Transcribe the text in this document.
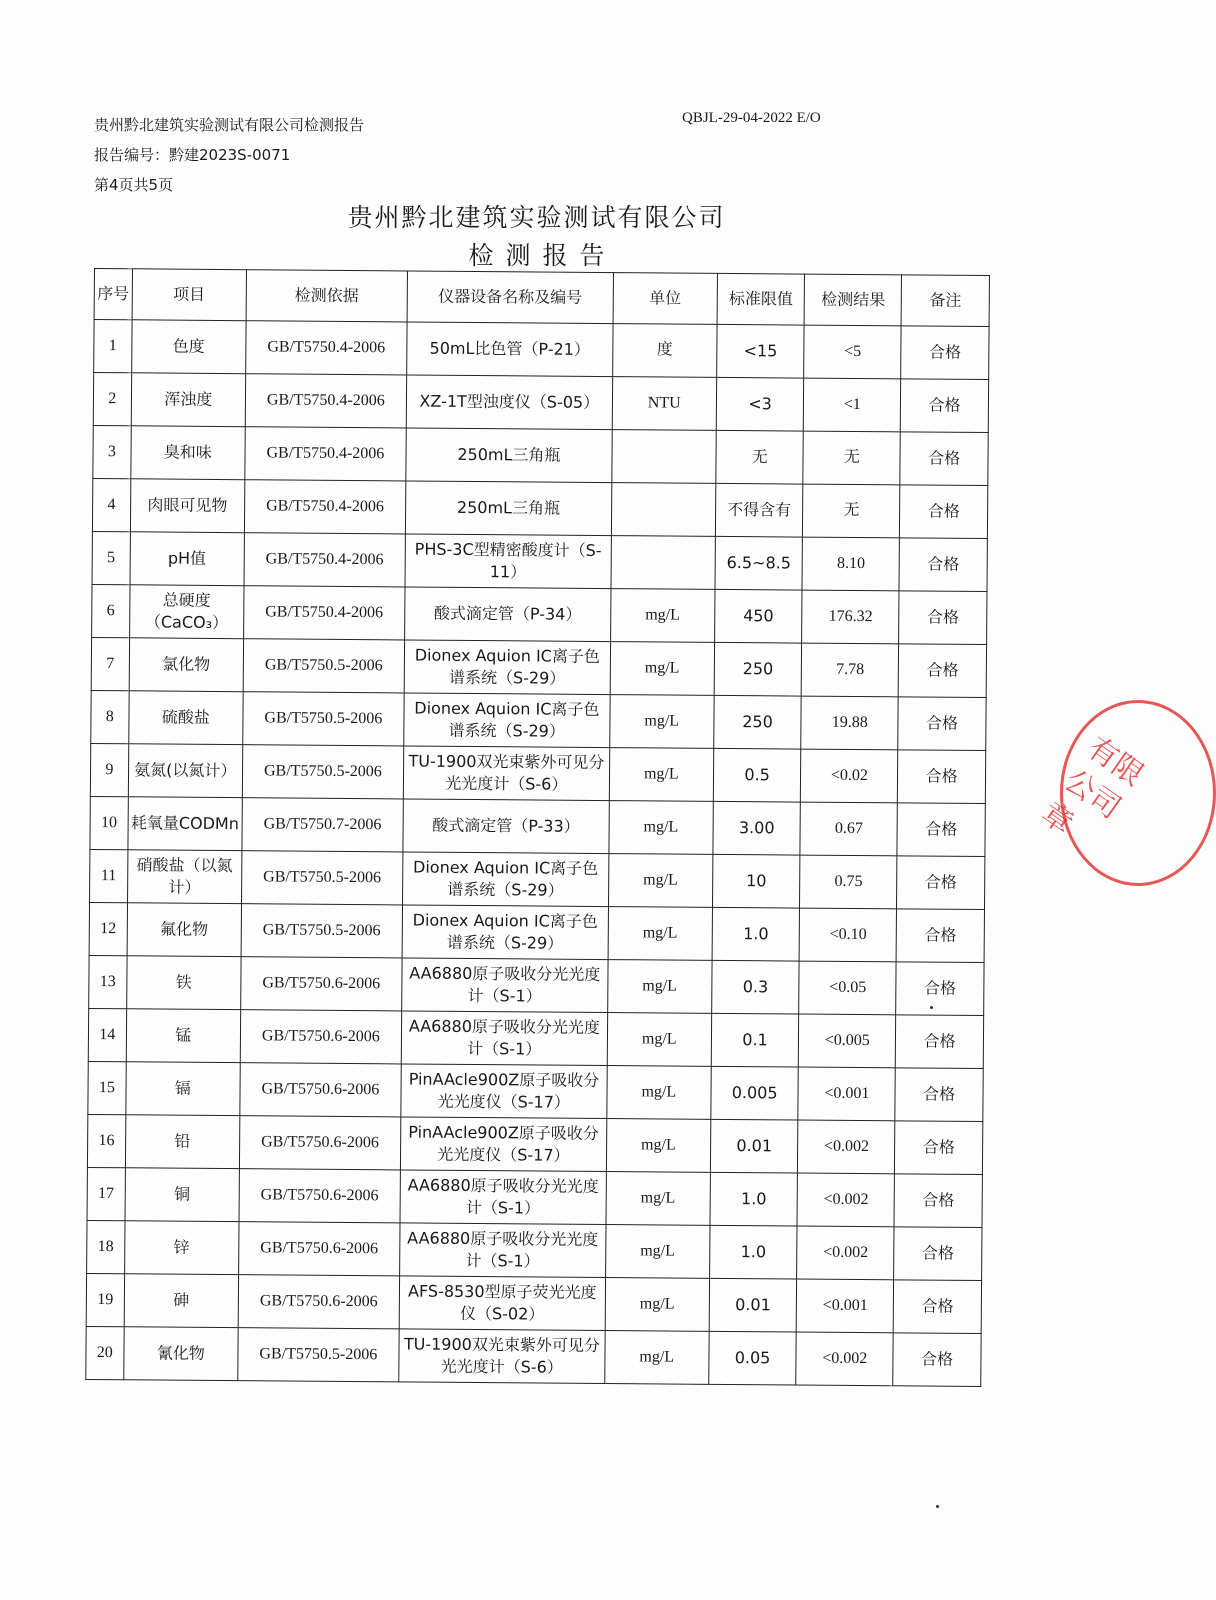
贵州黔北建筑实验测试有限公司检测报告
报告编号：黔建2023S-0071
第4页共5页
QBJL-29-04-2022 E/O
贵州黔北建筑实验测试有限公司
检测报告
序号	项目	检测依据	仪器设备名称及编号	单位	标准限值	检测结果	备注
1	色度	GB/T5750.4-2006	50mL比色管（P-21）	度	<15	<5	合格
2	浑浊度	GB/T5750.4-2006	XZ-1T型浊度仪（S-05）	NTU	<3	<1	合格
3	臭和味	GB/T5750.4-2006	250mL三角瓶		无	无	合格
4	肉眼可见物	GB/T5750.4-2006	250mL三角瓶		不得含有	无	合格
5	pH值	GB/T5750.4-2006	PHS-3C型精密酸度计（S-11）		6.5~8.5	8.10	合格
6	总硬度（CaCO₃）	GB/T5750.4-2006	酸式滴定管（P-34）	mg/L	450	176.32	合格
7	氯化物	GB/T5750.5-2006	Dionex Aquion IC离子色谱系统（S-29）	mg/L	250	7.78	合格
8	硫酸盐	GB/T5750.5-2006	Dionex Aquion IC离子色谱系统（S-29）	mg/L	250	19.88	合格
9	氨氮(以氮计）	GB/T5750.5-2006	TU-1900双光束紫外可见分光光度计（S-6）	mg/L	0.5	<0.02	合格
10	耗氧量CODMn	GB/T5750.7-2006	酸式滴定管（P-33）	mg/L	3.00	0.67	合格
11	硝酸盐（以氮计）	GB/T5750.5-2006	Dionex Aquion IC离子色谱系统（S-29）	mg/L	10	0.75	合格
12	氟化物	GB/T5750.5-2006	Dionex Aquion IC离子色谱系统（S-29）	mg/L	1.0	<0.10	合格
13	铁	GB/T5750.6-2006	AA6880原子吸收分光光度计（S-1）	mg/L	0.3	<0.05	合格
14	锰	GB/T5750.6-2006	AA6880原子吸收分光光度计（S-1）	mg/L	0.1	<0.005	合格
15	镉	GB/T5750.6-2006	PinAAcle900Z原子吸收分光光度仪（S-17）	mg/L	0.005	<0.001	合格
16	铅	GB/T5750.6-2006	PinAAcle900Z原子吸收分光光度仪（S-17）	mg/L	0.01	<0.002	合格
17	铜	GB/T5750.6-2006	AA6880原子吸收分光光度计（S-1）	mg/L	1.0	<0.002	合格
18	锌	GB/T5750.6-2006	AA6880原子吸收分光光度计（S-1）	mg/L	1.0	<0.002	合格
19	砷	GB/T5750.6-2006	AFS-8530型原子荧光光度仪（S-02）	mg/L	0.01	<0.001	合格
20	氰化物	GB/T5750.5-2006	TU-1900双光束紫外可见分光光度计（S-6）	mg/L	0.05	<0.002	合格
有限公司章
